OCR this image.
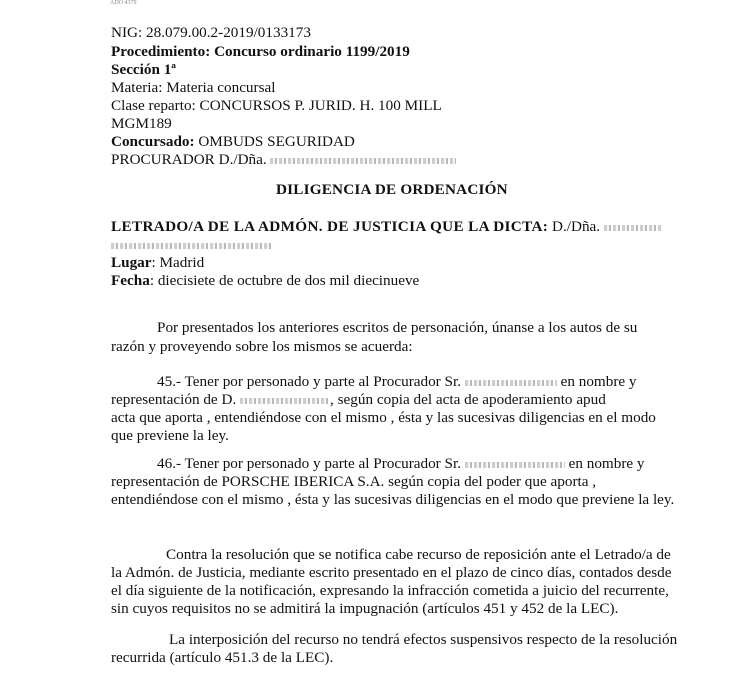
ADO 4379
NIG: 28.079.00.2-2019/0133173
Procedimiento: Concurso ordinario 1199/2019
Sección 1ª
Materia: Materia concursal
Clase reparto: CONCURSOS P. JURID. H. 100 MILL
MGM189
Concursado: OMBUDS SEGURIDAD
PROCURADOR D./Dña.
DILIGENCIA DE ORDENACIÓN
LETRADO/A DE LA ADMÓN. DE JUSTICIA QUE LA DICTA: D./Dña.
Lugar: Madrid
Fecha: diecisiete de octubre de dos mil diecinueve
Por presentados los anteriores escritos de personación, únanse a los autos de su
razón y proveyendo sobre los mismos se acuerda:
45.- Tener por personado y parte al Procurador Sr.	en nombre y
representación de D.	, según copia del acta de apoderamiento apud
acta que aporta , entendiéndose con el mismo , ésta y las sucesivas diligencias en el modo
que previene la ley.
46.- Tener por personado y parte al Procurador Sr.	en nombre y
representación de PORSCHE IBERICA S.A. según copia del poder que aporta ,
entendiéndose con el mismo , ésta y las sucesivas diligencias en el modo que previene la ley.
Contra la resolución que se notifica cabe recurso de reposición ante el Letrado/a de
la Admón. de Justicia, mediante escrito presentado en el plazo de cinco días, contados desde
el día siguiente de la notificación, expresando la infracción cometida a juicio del recurrente,
sin cuyos requisitos no se admitirá la impugnación (artículos 451 y 452 de la LEC).
La interposición del recurso no tendrá efectos suspensivos respecto de la resolución
recurrida (artículo 451.3 de la LEC).
